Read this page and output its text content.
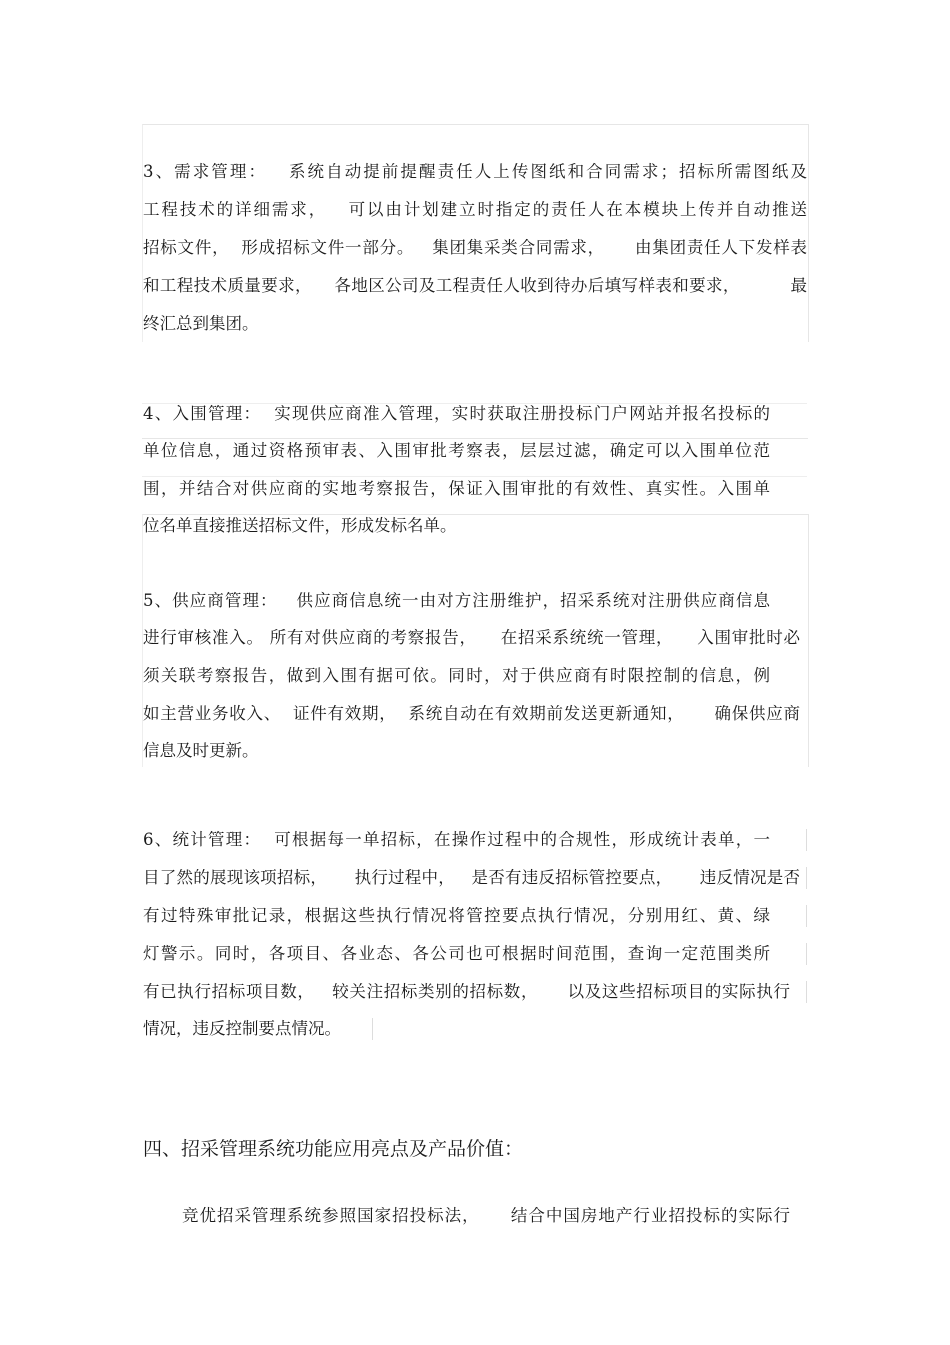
3、需求管理：   系统自动提前提醒责任人上传图纸和合同需求；招标所需图纸及
工程技术的详细需求，   可以由计划建立时指定的责任人在本模块上传并自动推送
招标文件，  形成招标文件一部分。   集团集采类合同需求，     由集团责任人下发样表
和工程技术质量要求，    各地区公司及工程责任人收到待办后填写样表和要求，         最
终汇总到集团。
4、入围管理：  实现供应商准入管理，实时获取注册投标门户网站并报名投标的
单位信息，通过资格预审表、入围审批考察表，层层过滤，确定可以入围单位范
围，并结合对供应商的实地考察报告，保证入围审批的有效性、真实性。入围单
位名单直接推送招标文件，形成发标名单。
5、供应商管理：   供应商信息统一由对方注册维护，招采系统对注册供应商信息
进行审核准入。 所有对供应商的考察报告，    在招采系统统一管理，    入围审批时必
须关联考察报告，做到入围有据可依。同时，对于供应商有时限控制的信息，例
如主营业务收入、  证件有效期，  系统自动在有效期前发送更新通知，     确保供应商
信息及时更新。
6、统计管理：  可根据每一单招标，在操作过程中的合规性，形成统计表单，一
目了然的展现该项招标，     执行过程中，   是否有违反招标管控要点，     违反情况是否
有过特殊审批记录，根据这些执行情况将管控要点执行情况，分别用红、黄、绿
灯警示。同时，各项目、各业态、各公司也可根据时间范围，查询一定范围类所
有已执行招标项目数，   较关注招标类别的招标数，     以及这些招标项目的实际执行
情况，违反控制要点情况。
四、招采管理系统功能应用亮点及产品价值：
竞优招采管理系统参照国家招投标法，     结合中国房地产行业招投标的实际行
